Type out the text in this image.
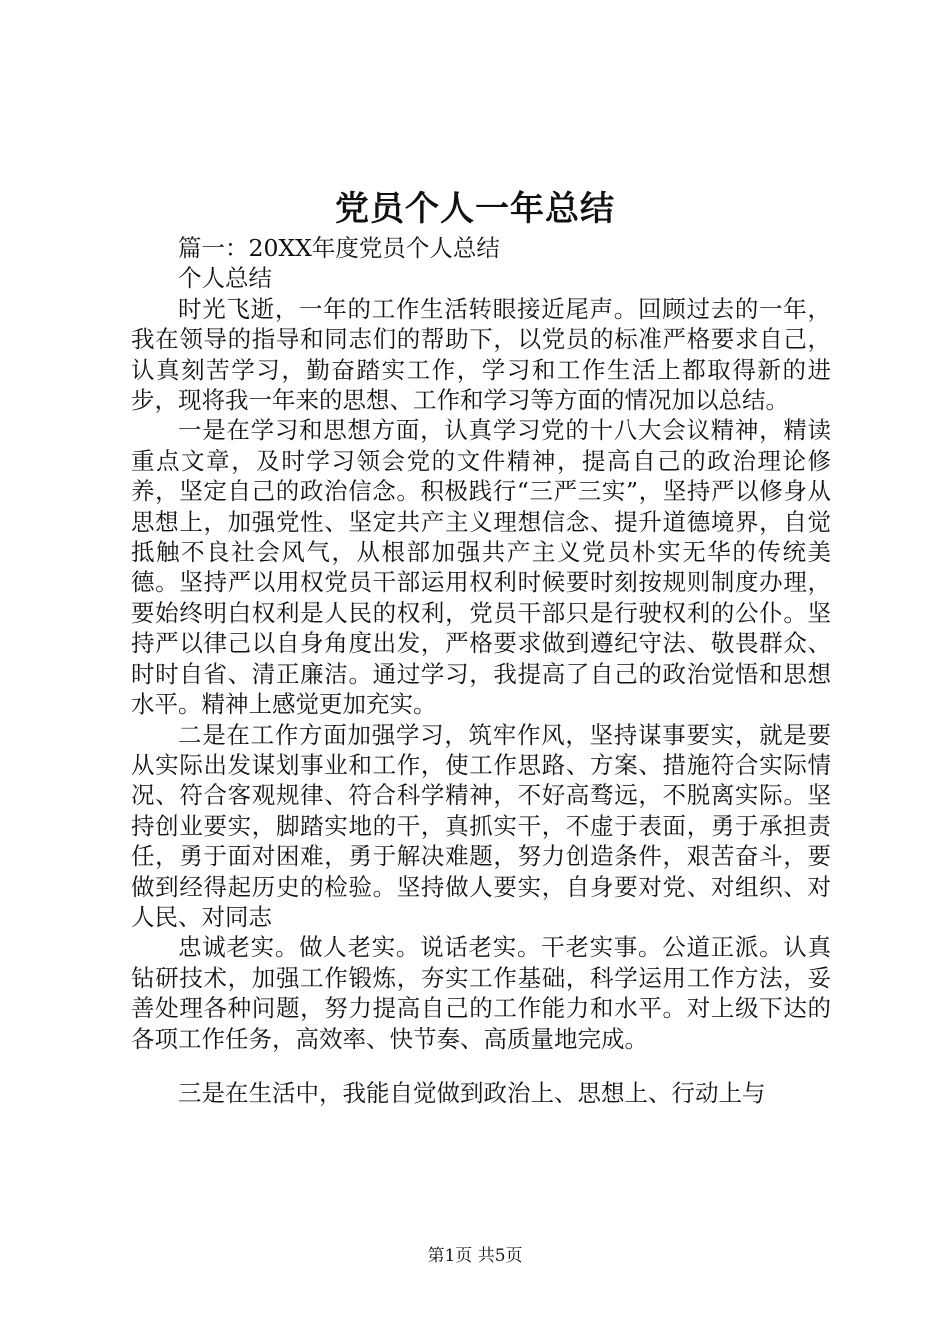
党员个人一年总结

篇一：20XX年度党员个人总结

个人总结

时光飞逝，一年的工作生活转眼接近尾声。回顾过去的一年，我在领导的指导和同志们的帮助下，以党员的标准严格要求自己，认真刻苦学习，勤奋踏实工作，学习和工作生活上都取得新的进步，现将我一年来的思想、工作和学习等方面的情况加以总结。

一是在学习和思想方面，认真学习党的十八大会议精神，精读重点文章，及时学习领会党的文件精神，提高自己的政治理论修养，坚定自己的政治信念。积极践行“三严三实”，坚持严以修身从思想上，加强党性、坚定共产主义理想信念、提升道德境界，自觉抵触不良社会风气，从根部加强共产主义党员朴实无华的传统美德。坚持严以用权党员干部运用权利时候要时刻按规则制度办理，要始终明白权利是人民的权利，党员干部只是行驶权利的公仆。坚持严以律己以自身角度出发，严格要求做到遵纪守法、敬畏群众、时时自省、清正廉洁。通过学习，我提高了自己的政治觉悟和思想水平。精神上感觉更加充实。

二是在工作方面加强学习，筑牢作风，坚持谋事要实，就是要从实际出发谋划事业和工作，使工作思路、方案、措施符合实际情况、符合客观规律、符合科学精神，不好高骛远，不脱离实际。坚持创业要实，脚踏实地的干，真抓实干，不虚于表面，勇于承担责任，勇于面对困难，勇于解决难题，努力创造条件，艰苦奋斗，要做到经得起历史的检验。坚持做人要实，自身要对党、对组织、对人民、对同志

忠诚老实。做人老实。说话老实。干老实事。公道正派。认真钻研技术，加强工作锻炼，夯实工作基础，科学运用工作方法，妥善处理各种问题，努力提高自己的工作能力和水平。对上级下达的各项工作任务，高效率、快节奏、高质量地完成。

三是在生活中，我能自觉做到政治上、思想上、行动上与

第1页 共5页
